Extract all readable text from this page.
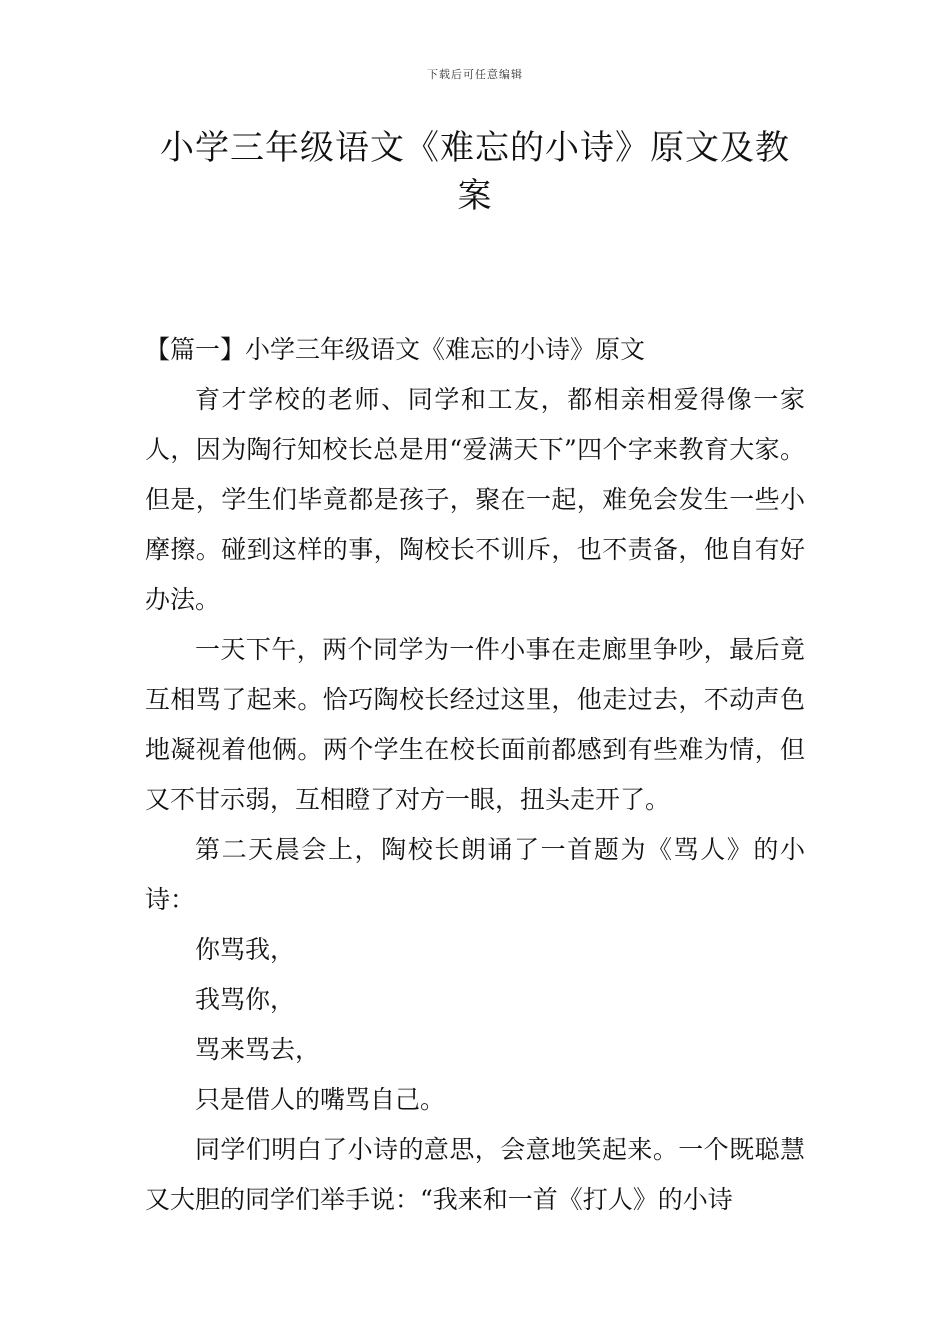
下载后可任意编辑
小学三年级语文《难忘的小诗》原文及教案

【篇一】小学三年级语文《难忘的小诗》原文

育才学校的老师、同学和工友，都相亲相爱得像一家人，因为陶行知校长总是用“爱满天下”四个字来教育大家。但是，学生们毕竟都是孩子，聚在一起，难免会发生一些小摩擦。碰到这样的事，陶校长不训斥，也不责备，他自有好办法。

一天下午，两个同学为一件小事在走廊里争吵，最后竟互相骂了起来。恰巧陶校长经过这里，他走过去，不动声色地凝视着他俩。两个学生在校长面前都感到有些难为情，但又不甘示弱，互相瞪了对方一眼，扭头走开了。

第二天晨会上，陶校长朗诵了一首题为《骂人》的小诗：

你骂我，

我骂你，

骂来骂去，

只是借人的嘴骂自己。

同学们明白了小诗的意思，会意地笑起来。一个既聪慧又大胆的同学们举手说：“我来和一首《打人》的小诗
